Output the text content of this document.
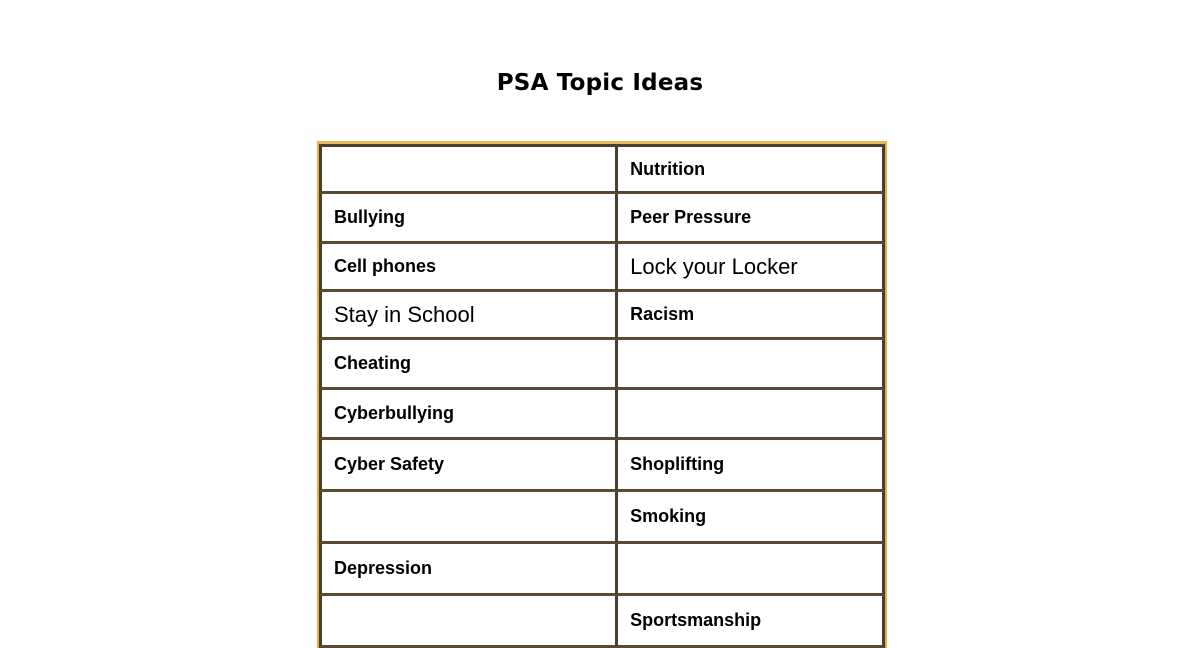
PSA Topic Ideas
	Nutrition
Bullying	Peer Pressure
Cell phones	Lock your Locker
Stay in School	Racism
Cheating	
Cyberbullying	
Cyber Safety	Shoplifting
	Smoking
Depression	
	Sportsmanship
